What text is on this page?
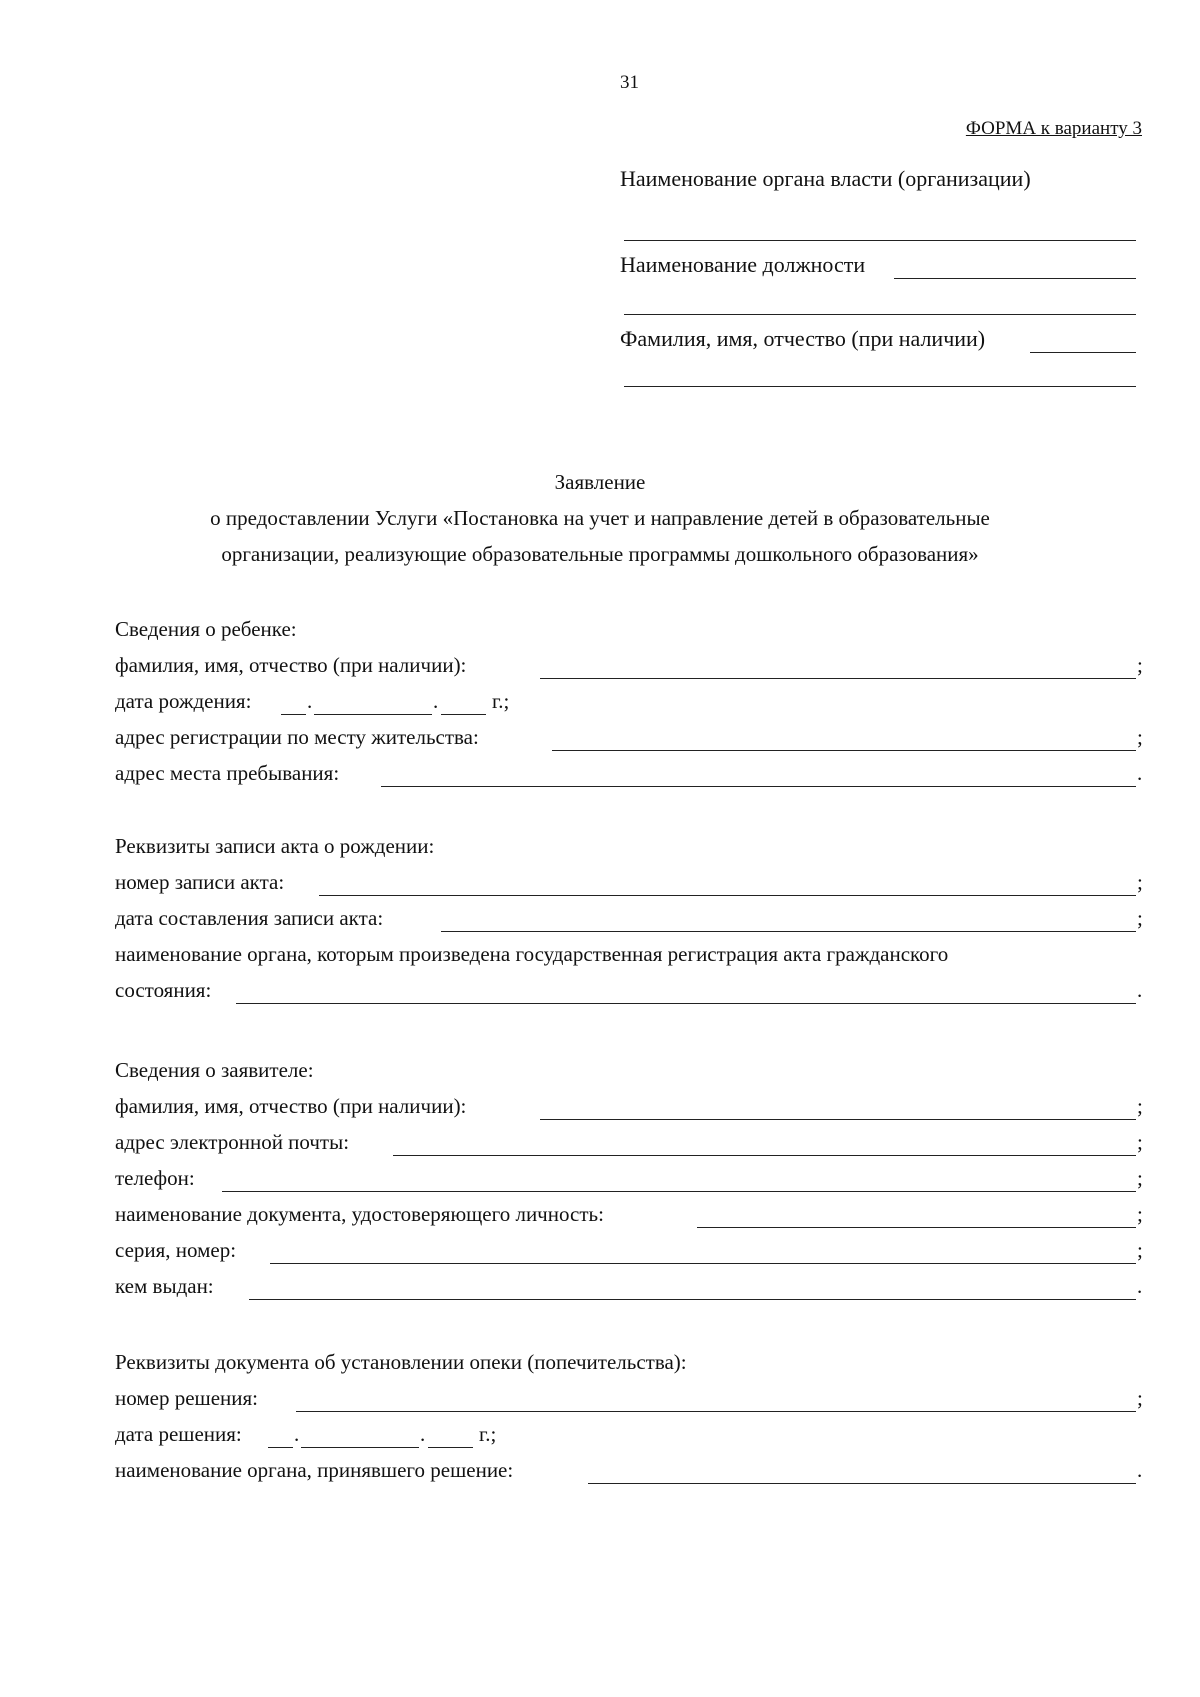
31
ФОРМА к варианту 3
Наименование органа власти (организации)
Наименование должности
Фамилия, имя, отчество (при наличии)
Заявление
о предоставлении Услуги «Постановка на учет и направление детей в образовательные
организации, реализующие образовательные программы дошкольного образования»
Сведения о ребенке:
фамилия, имя, отчество (при наличии):	;
дата рождения:	.	.	г.;
адрес регистрации по месту жительства:	;
адрес места пребывания:	.
Реквизиты записи акта о рождении:
номер записи акта:	;
дата составления записи акта:	;
наименование органа, которым произведена государственная регистрация акта гражданского
состояния:	.
Сведения о заявителе:
фамилия, имя, отчество (при наличии):	;
адрес электронной почты:	;
телефон:	;
наименование документа, удостоверяющего личность:	;
серия, номер:	;
кем выдан:	.
Реквизиты документа об установлении опеки (попечительства):
номер решения:	;
дата решения: .	.	г.;
наименование органа, принявшего решение:	.
